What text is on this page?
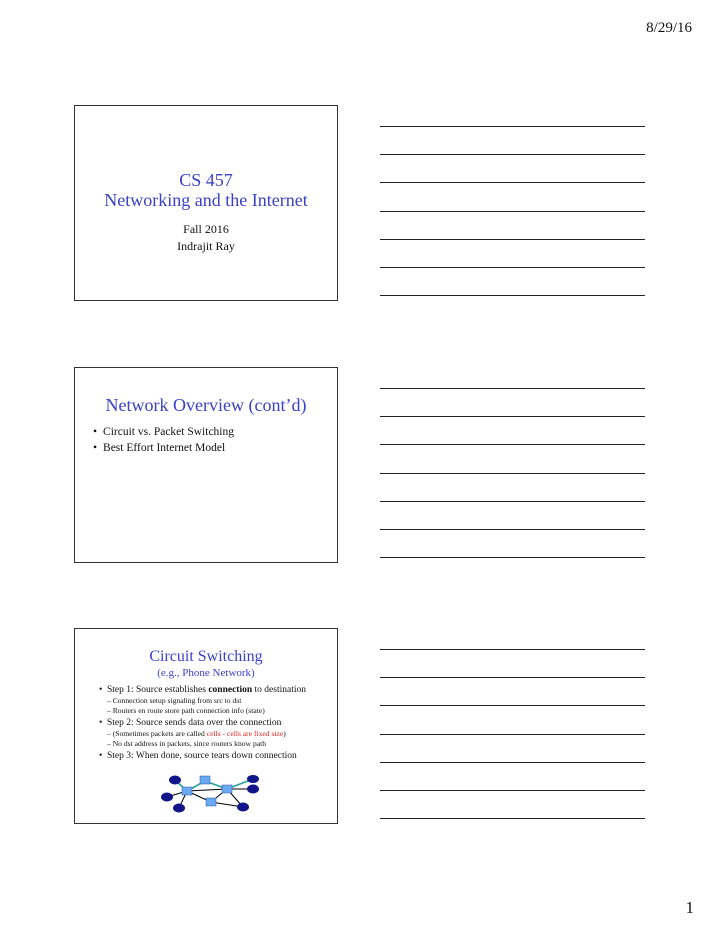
8/29/16
CS 457
Networking and the Internet
Fall 2016
Indrajit Ray
Network Overview (cont’d)
• Circuit vs. Packet Switching
• Best Effort Internet Model
Circuit Switching
(e.g., Phone Network)
• Step 1: Source establishes connection to destination
– Connection setup signaling from src to dst
– Routers en route store path connection info (state)
• Step 2: Source sends data over the connection
– (Sometimes packets are called cells - cells are fixed size)
– No dst address in packets, since routers know path
• Step 3: When done, source tears down connection
1
